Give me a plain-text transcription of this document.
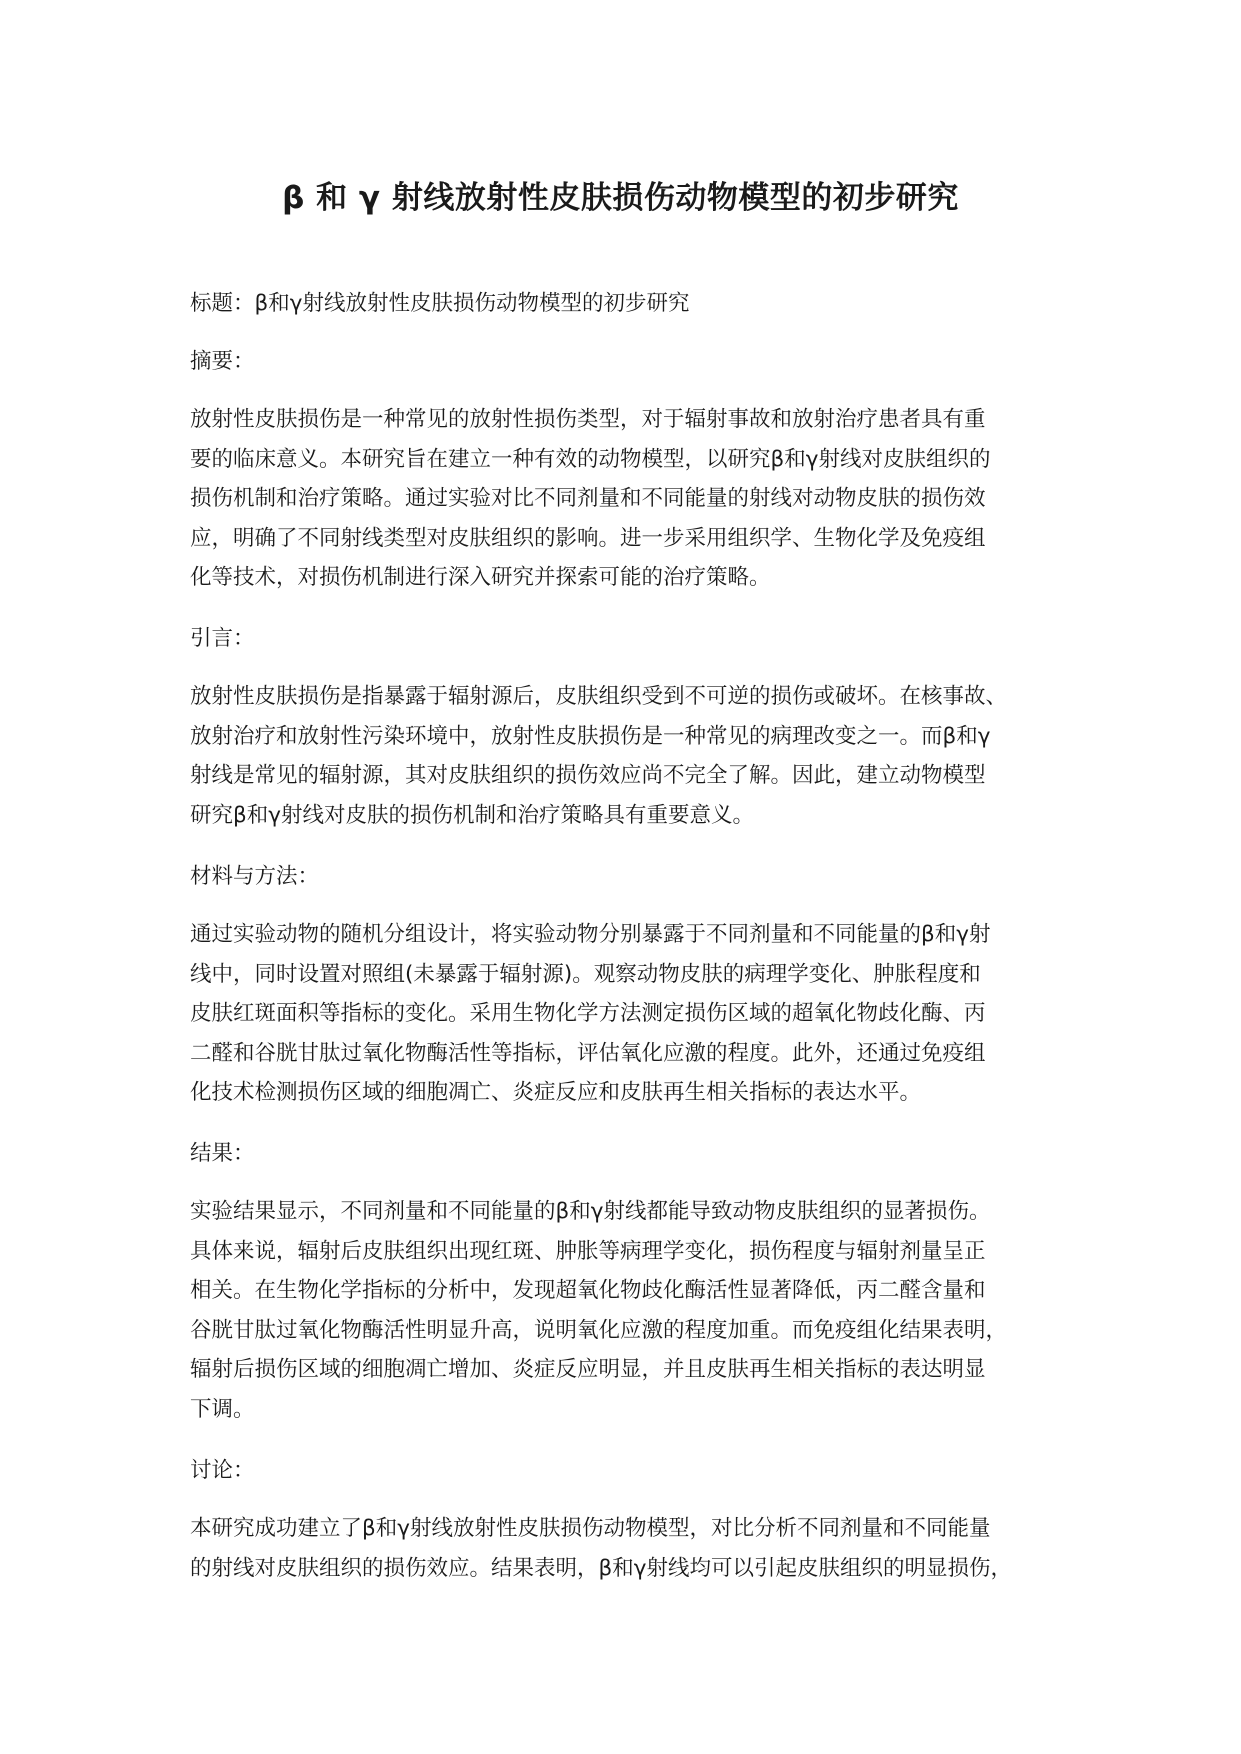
β 和 γ 射线放射性皮肤损伤动物模型的初步研究

标题：β和γ射线放射性皮肤损伤动物模型的初步研究

摘要：

放射性皮肤损伤是一种常见的放射性损伤类型，对于辐射事故和放射治疗患者具有重
要的临床意义。本研究旨在建立一种有效的动物模型，以研究β和γ射线对皮肤组织的
损伤机制和治疗策略。通过实验对比不同剂量和不同能量的射线对动物皮肤的损伤效
应，明确了不同射线类型对皮肤组织的影响。进一步采用组织学、生物化学及免疫组
化等技术，对损伤机制进行深入研究并探索可能的治疗策略。

引言：

放射性皮肤损伤是指暴露于辐射源后，皮肤组织受到不可逆的损伤或破坏。在核事故、
放射治疗和放射性污染环境中，放射性皮肤损伤是一种常见的病理改变之一。而β和γ
射线是常见的辐射源，其对皮肤组织的损伤效应尚不完全了解。因此，建立动物模型
研究β和γ射线对皮肤的损伤机制和治疗策略具有重要意义。

材料与方法：

通过实验动物的随机分组设计，将实验动物分别暴露于不同剂量和不同能量的β和γ射
线中，同时设置对照组(未暴露于辐射源)。观察动物皮肤的病理学变化、肿胀程度和
皮肤红斑面积等指标的变化。采用生物化学方法测定损伤区域的超氧化物歧化酶、丙
二醛和谷胱甘肽过氧化物酶活性等指标，评估氧化应激的程度。此外，还通过免疫组
化技术检测损伤区域的细胞凋亡、炎症反应和皮肤再生相关指标的表达水平。

结果：

实验结果显示，不同剂量和不同能量的β和γ射线都能导致动物皮肤组织的显著损伤。
具体来说，辐射后皮肤组织出现红斑、肿胀等病理学变化，损伤程度与辐射剂量呈正
相关。在生物化学指标的分析中，发现超氧化物歧化酶活性显著降低，丙二醛含量和
谷胱甘肽过氧化物酶活性明显升高，说明氧化应激的程度加重。而免疫组化结果表明，
辐射后损伤区域的细胞凋亡增加、炎症反应明显，并且皮肤再生相关指标的表达明显
下调。

讨论：

本研究成功建立了β和γ射线放射性皮肤损伤动物模型，对比分析不同剂量和不同能量
的射线对皮肤组织的损伤效应。结果表明，β和γ射线均可以引起皮肤组织的明显损伤，
